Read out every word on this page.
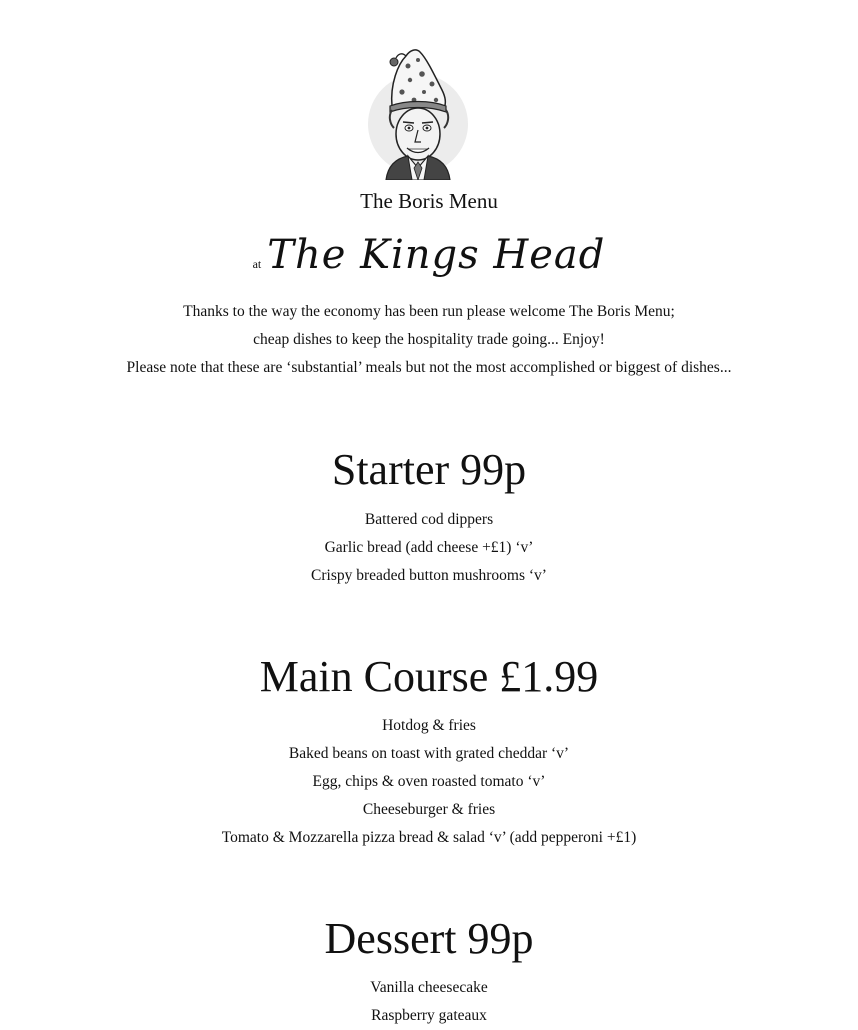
The Boris Menu
at The Kings Head

Thanks to the way the economy has been run please welcome The Boris Menu;

cheap dishes to keep the hospitality trade going... Enjoy!

Please note that these are ‘substantial’ meals but not the most accomplished or biggest of dishes...

Starter 99p

Battered cod dippers

Garlic bread (add cheese +£1) ‘v’

Crispy breaded button mushrooms ‘v’

Main Course £1.99

Hotdog & fries

Baked beans on toast with grated cheddar ‘v’

Egg, chips & oven roasted tomato ‘v’

Cheeseburger & fries

Tomato & Mozzarella pizza bread & salad ‘v’ (add pepperoni +£1)

Dessert 99p

Vanilla cheesecake

Raspberry gateaux
